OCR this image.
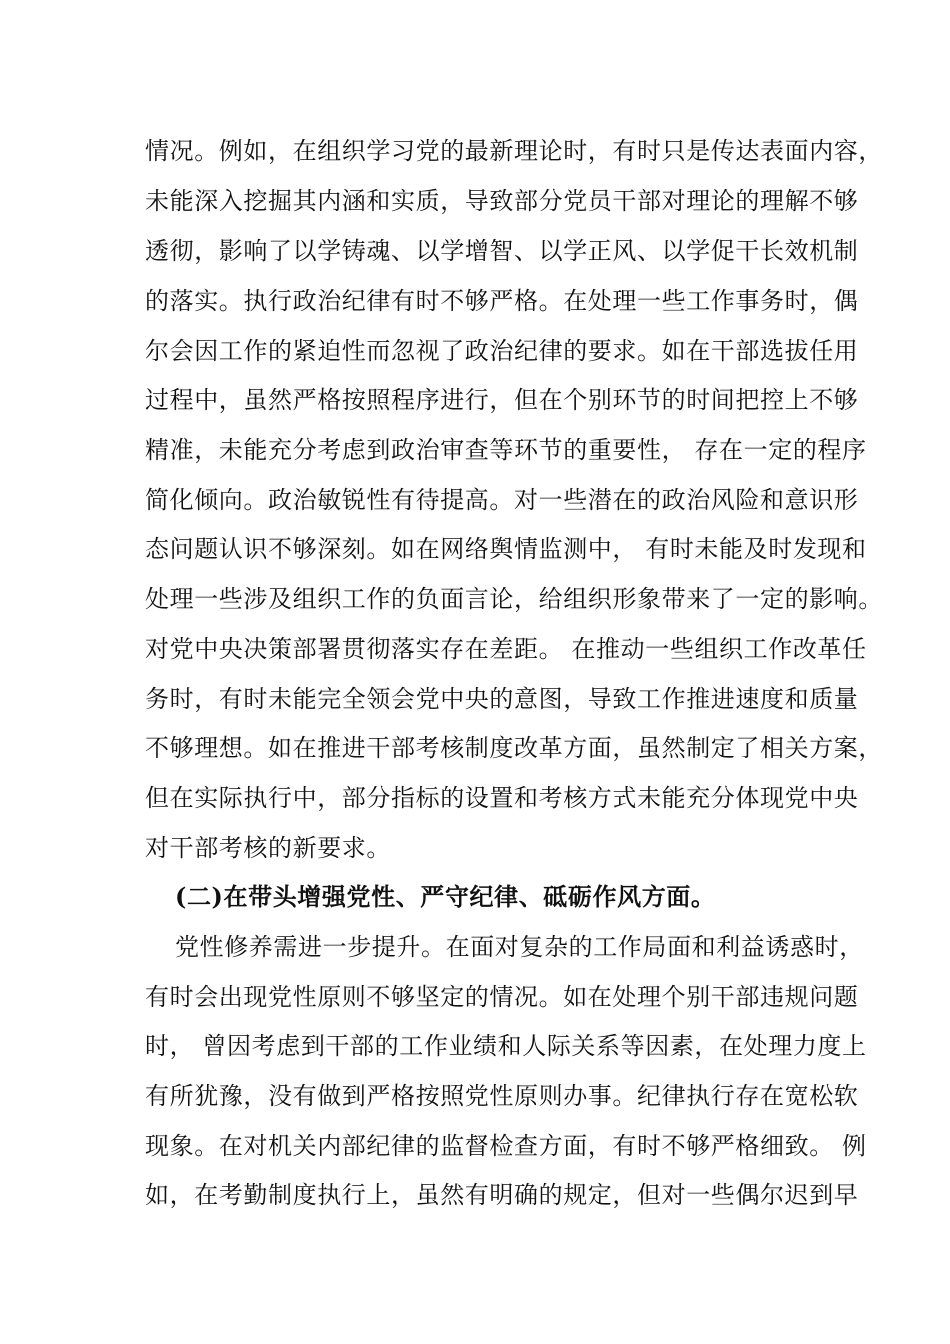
情况。例如，在组织学习党的最新理论时，有时只是传达表面内容，
未能深入挖掘其内涵和实质，导致部分党员干部对理论的理解不够
透彻，影响了以学铸魂、以学增智、以学正风、以学促干长效机制
的落实。执行政治纪律有时不够严格。在处理一些工作事务时，偶
尔会因工作的紧迫性而忽视了政治纪律的要求。如在干部选拔任用
过程中，虽然严格按照程序进行，但在个别环节的时间把控上不够
精准，未能充分考虑到政治审查等环节的重要性， 存在一定的程序
简化倾向。政治敏锐性有待提高。对一些潜在的政治风险和意识形
态问题认识不够深刻。如在网络舆情监测中， 有时未能及时发现和
处理一些涉及组织工作的负面言论，给组织形象带来了一定的影响。
对党中央决策部署贯彻落实存在差距。 在推动一些组织工作改革任
务时，有时未能完全领会党中央的意图，导致工作推进速度和质量
不够理想。如在推进干部考核制度改革方面，虽然制定了相关方案，
但在实际执行中，部分指标的设置和考核方式未能充分体现党中央
对干部考核的新要求。
(二)在带头增强党性、严守纪律、砥砺作风方面。
党性修养需进一步提升。在面对复杂的工作局面和利益诱惑时，
有时会出现党性原则不够坚定的情况。如在处理个别干部违规问题
时， 曾因考虑到干部的工作业绩和人际关系等因素，在处理力度上
有所犹豫，没有做到严格按照党性原则办事。纪律执行存在宽松软
现象。在对机关内部纪律的监督检查方面，有时不够严格细致。 例
如，在考勤制度执行上，虽然有明确的规定，但对一些偶尔迟到早
